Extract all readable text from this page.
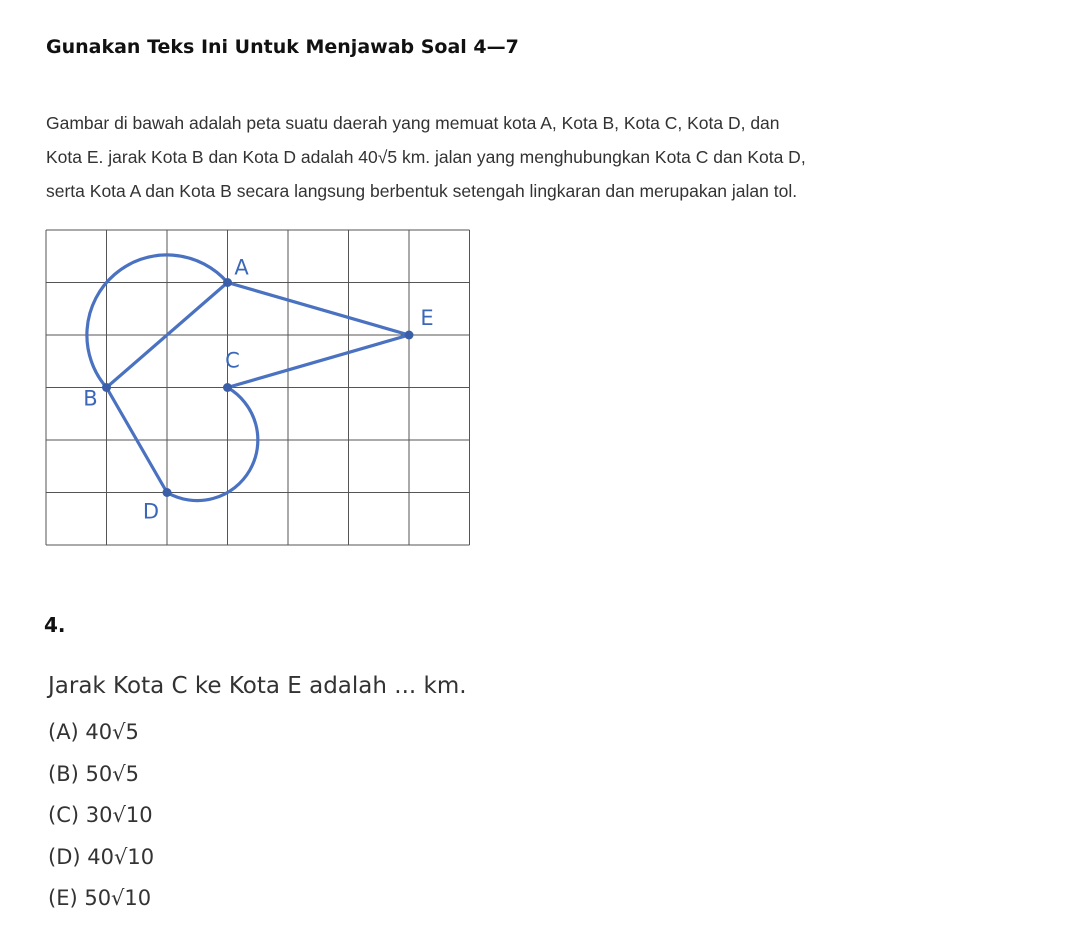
Gunakan Teks Ini Untuk Menjawab Soal 4—7
Gambar di bawah adalah peta suatu daerah yang memuat kota A, Kota B, Kota C, Kota D, dan
Kota E. jarak Kota B dan Kota D adalah 40√5 km. jalan yang menghubungkan Kota C dan Kota D,
serta Kota A dan Kota B secara langsung berbentuk setengah lingkaran dan merupakan jalan tol.
A
B
C
D
E
4.
Jarak Kota C ke Kota E adalah ... km.
(A) 40√5
(B) 50√5
(C) 30√10
(D) 40√10
(E) 50√10
